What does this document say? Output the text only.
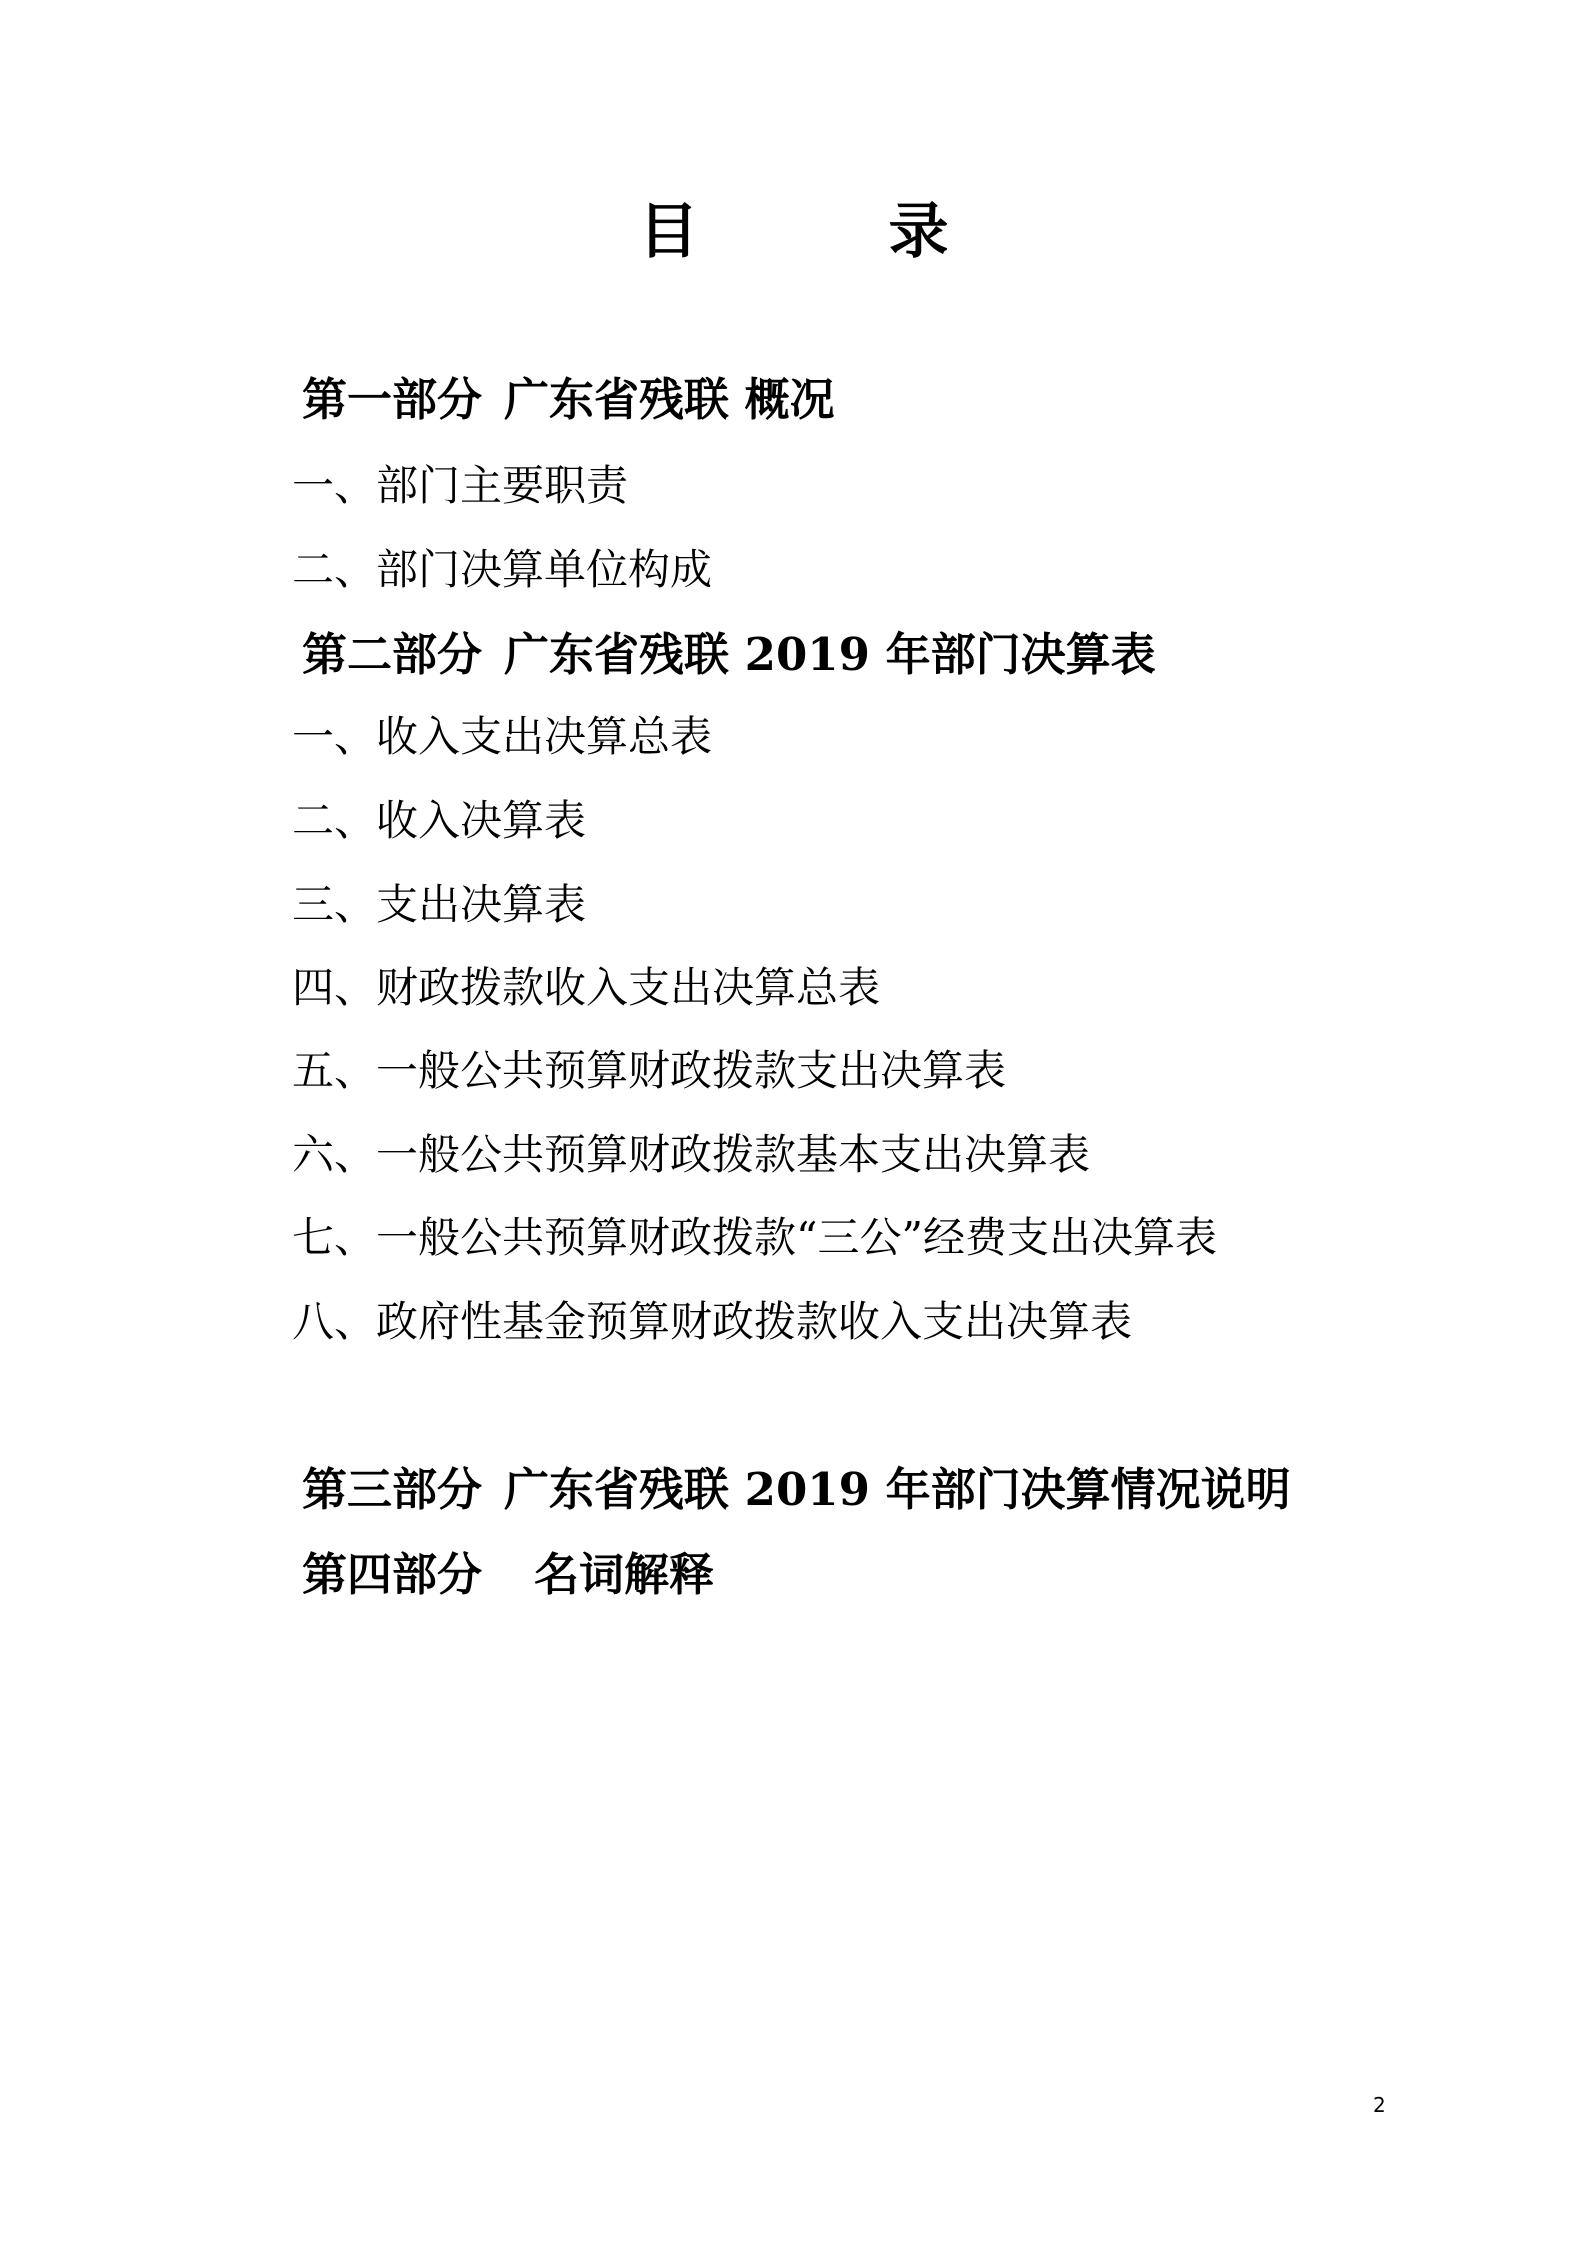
目	录
第一部分 广东省残联 概况
一、部门主要职责
二、部门决算单位构成
第二部分 广东省残联 2019 年部门决算表
一、收入支出决算总表
二、收入决算表
三、支出决算表
四、财政拨款收入支出决算总表
五、一般公共预算财政拨款支出决算表
六、一般公共预算财政拨款基本支出决算表
七、一般公共预算财政拨款“三公”经费支出决算表
八、政府性基金预算财政拨款收入支出决算表
第三部分 广东省残联 2019 年部门决算情况说明
第四部分 名词解释
2
